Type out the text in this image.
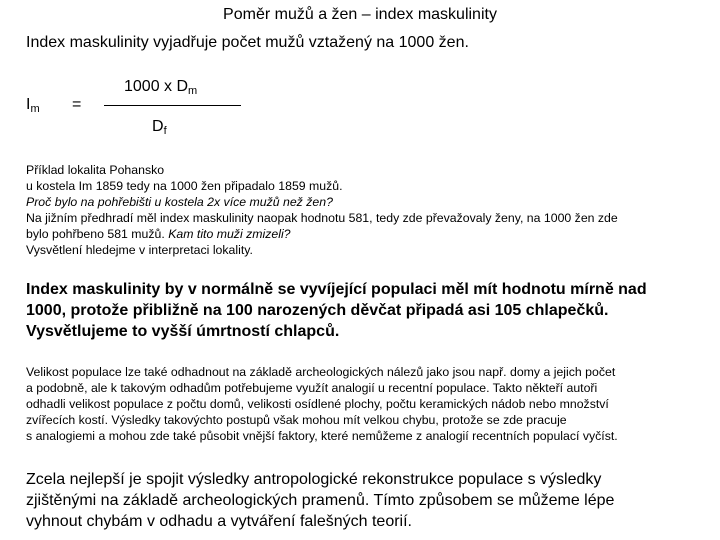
Poměr mužů a žen – index maskulinity

Index maskulinity vyjadřuje počet mužů vztažený na 1000 žen.

$I_m$ =
1000 x $D_m$
$D_f$

Příklad lokalita Pohansko

u kostela Im 1859 tedy na 1000 žen připadalo 1859 mužů.

Proč bylo na pohřebišti u kostela 2x více mužů než žen?

Na jižním předhradí měl index maskulinity naopak hodnotu 581, tedy zde převažovaly ženy, na 1000 žen zde

bylo pohřbeno 581 mužů. Kam tito muži zmizeli?

Vysvětlení hledejme v interpretaci lokality.

Index maskulinity by v normálně se vyvíjející populaci měl mít hodnotu mírně nad

1000, protože přibližně na 100 narozených děvčat připadá asi 105 chlapečků.

Vysvětlujeme to vyšší úmrtností chlapců.

Velikost populace lze také odhadnout na základě archeologických nálezů jako jsou např. domy a jejich počet

a podobně, ale k takovým odhadům potřebujeme využít analogií u recentní populace. Takto někteří autoři

odhadli velikost populace z počtu domů, velikosti osídlené plochy, počtu keramických nádob nebo množství

zvířecích kostí. Výsledky takovýchto postupů však mohou mít velkou chybu, protože se zde pracuje

s analogiemi a mohou zde také působit vnější faktory, které nemůžeme z analogií recentních populací vyčíst.

Zcela nejlepší je spojit výsledky antropologické rekonstrukce populace s výsledky

zjištěnými na základě archeologických pramenů. Tímto způsobem se můžeme lépe

vyhnout chybám v odhadu a vytváření falešných teorií.
